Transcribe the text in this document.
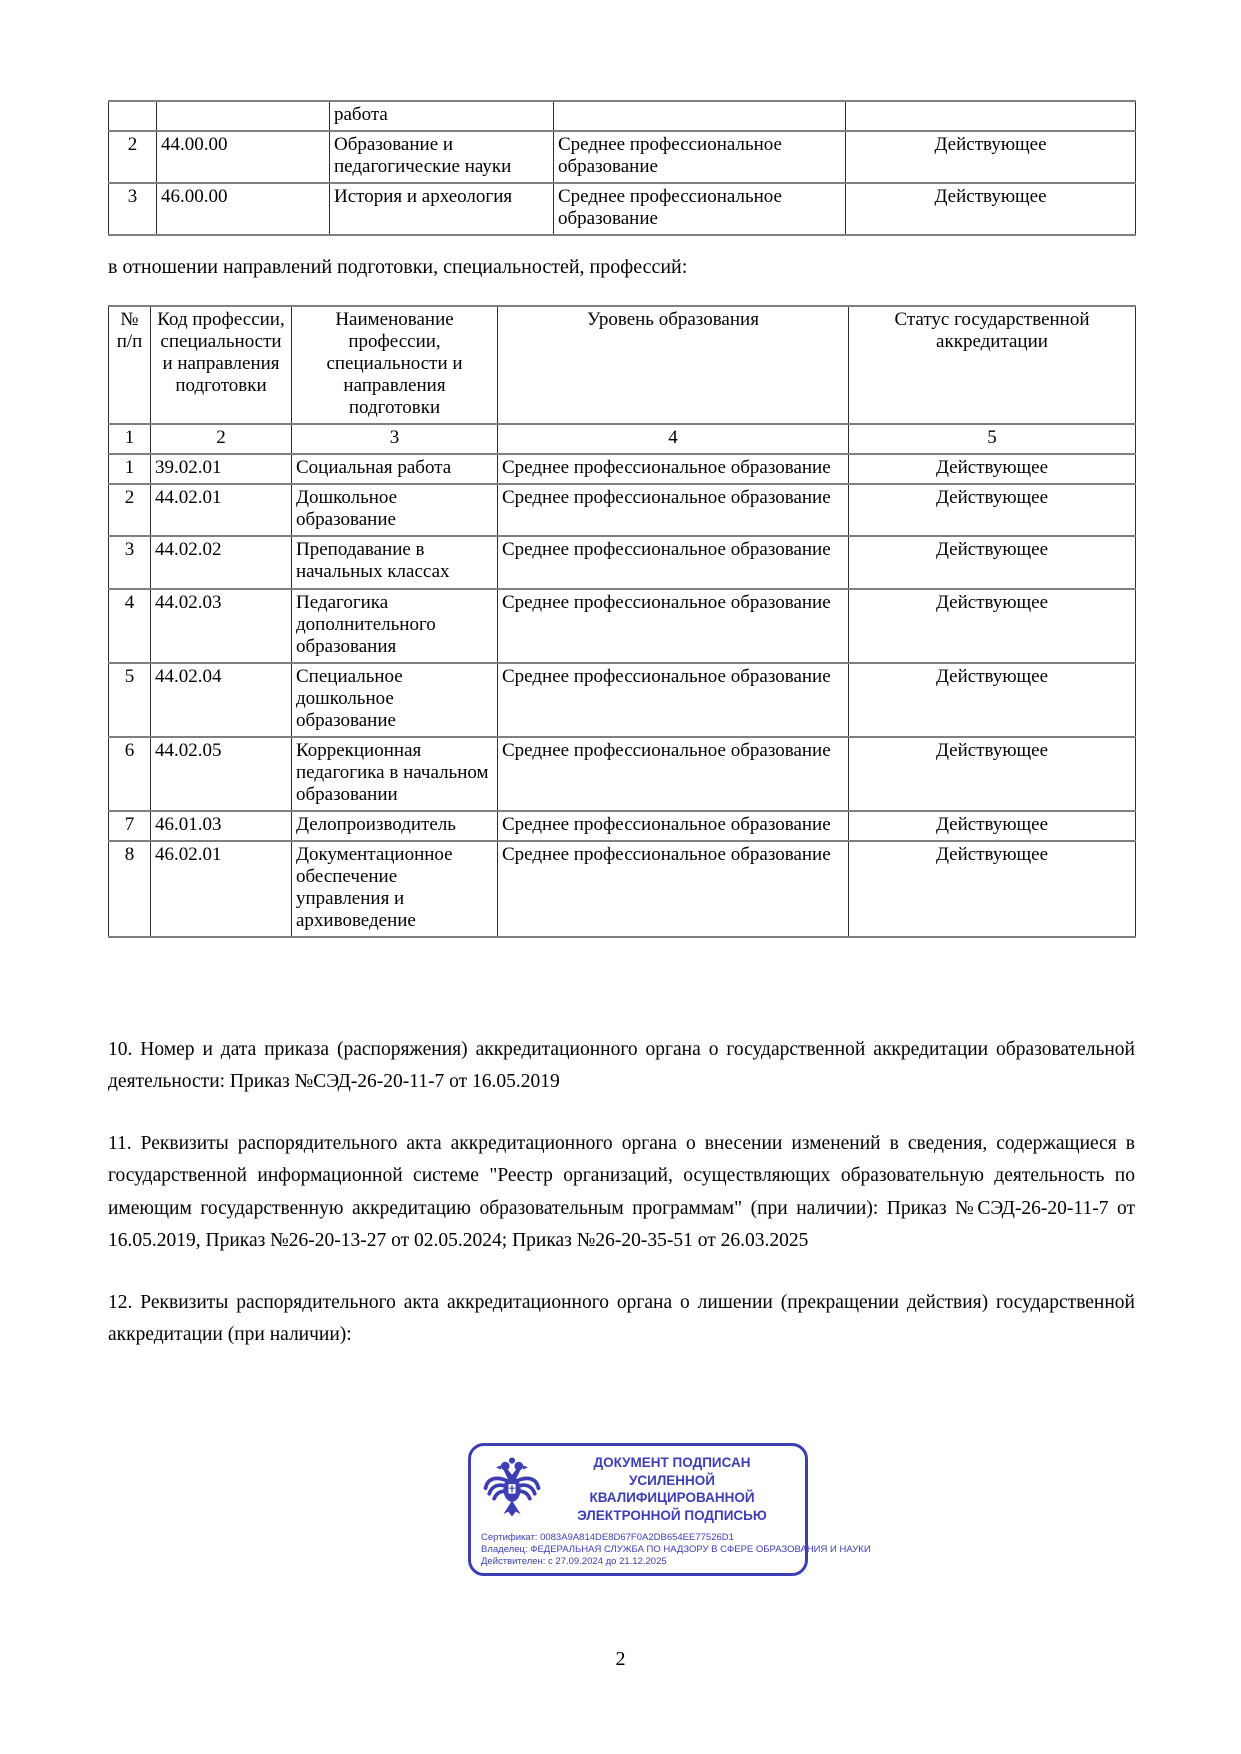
		работа		
2	44.00.00	Образование и педагогические науки	Среднее профессиональное образование	Действующее
3	46.00.00	История и археология	Среднее профессиональное образование	Действующее

в отношении направлений подготовки, специальностей, профессий:

№ п/п	Код профессии, специальности и направления подготовки	Наименование профессии, специальности и направления подготовки	Уровень образования	Статус государственной аккредитации
1	2	3	4	5
1	39.02.01	Социальная работа	Среднее профессиональное образование	Действующее
2	44.02.01	Дошкольное образование	Среднее профессиональное образование	Действующее
3	44.02.02	Преподавание в начальных классах	Среднее профессиональное образование	Действующее
4	44.02.03	Педагогика дополнительного образования	Среднее профессиональное образование	Действующее
5	44.02.04	Специальное дошкольное образование	Среднее профессиональное образование	Действующее
6	44.02.05	Коррекционная педагогика в начальном образовании	Среднее профессиональное образование	Действующее
7	46.01.03	Делопроизводитель	Среднее профессиональное образование	Действующее
8	46.02.01	Документационное обеспечение управления и архивоведение	Среднее профессиональное образование	Действующее

10. Номер и дата приказа (распоряжения) аккредитационного органа о государственной аккредитации образовательной деятельности: Приказ №СЭД-26-20-11-7 от 16.05.2019

11. Реквизиты распорядительного акта аккредитационного органа о внесении изменений в сведения, содержащиеся в государственной информационной системе "Реестр организаций, осуществляющих образовательную деятельность по имеющим государственную аккредитацию образовательным программам" (при наличии): Приказ №СЭД-26-20-11-7 от 16.05.2019, Приказ №26-20-13-27 от 02.05.2024; Приказ №26-20-35-51 от 26.03.2025

12. Реквизиты распорядительного акта аккредитационного органа о лишении (прекращении действия) государственной аккредитации (при наличии):

ДОКУМЕНТ ПОДПИСАН
УСИЛЕННОЙ КВАЛИФИЦИРОВАННОЙ
ЭЛЕКТРОННОЙ ПОДПИСЬЮ
Сертификат: 0083A9A814DE8D67F0A2DB654EE77526D1
Владелец: ФЕДЕРАЛЬНАЯ СЛУЖБА ПО НАДЗОРУ В СФЕРЕ ОБРАЗОВАНИЯ И НАУКИ
Действителен: с 27.09.2024 до 21.12.2025
2
